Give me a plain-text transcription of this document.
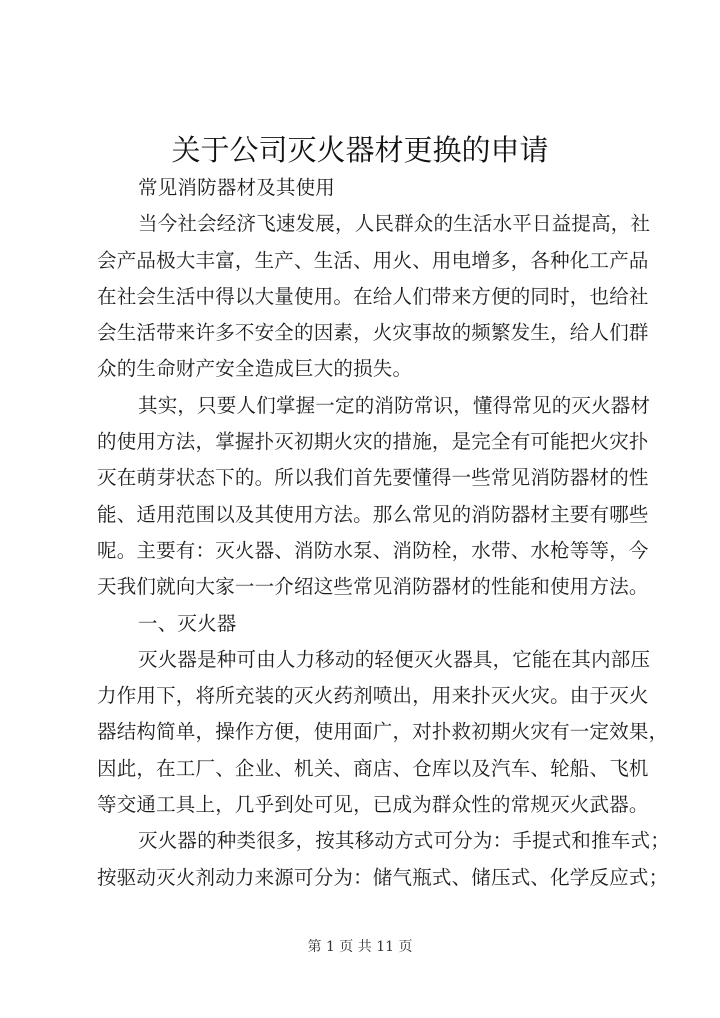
关于公司灭火器材更换的申请
常见消防器材及其使用
当今社会经济飞速发展，人民群众的生活水平日益提高，社
会产品极大丰富，生产、生活、用火、用电增多，各种化工产品
在社会生活中得以大量使用。在给人们带来方便的同时，也给社
会生活带来许多不安全的因素，火灾事故的频繁发生，给人们群
众的生命财产安全造成巨大的损失。
其实，只要人们掌握一定的消防常识，懂得常见的灭火器材
的使用方法，掌握扑灭初期火灾的措施，是完全有可能把火灾扑
灭在萌芽状态下的。所以我们首先要懂得一些常见消防器材的性
能、适用范围以及其使用方法。那么常见的消防器材主要有哪些
呢。主要有：灭火器、消防水泵、消防栓，水带、水枪等等，今
天我们就向大家一一介绍这些常见消防器材的性能和使用方法。
一、灭火器
灭火器是种可由人力移动的轻便灭火器具，它能在其内部压
力作用下，将所充装的灭火药剂喷出，用来扑灭火灾。由于灭火
器结构简单，操作方便，使用面广，对扑救初期火灾有一定效果，
因此，在工厂、企业、机关、商店、仓库以及汽车、轮船、飞机
等交通工具上，几乎到处可见，已成为群众性的常规灭火武器。
灭火器的种类很多，按其移动方式可分为：手提式和推车式；
按驱动灭火剂动力来源可分为：储气瓶式、储压式、化学反应式；
第 1 页 共 11 页
